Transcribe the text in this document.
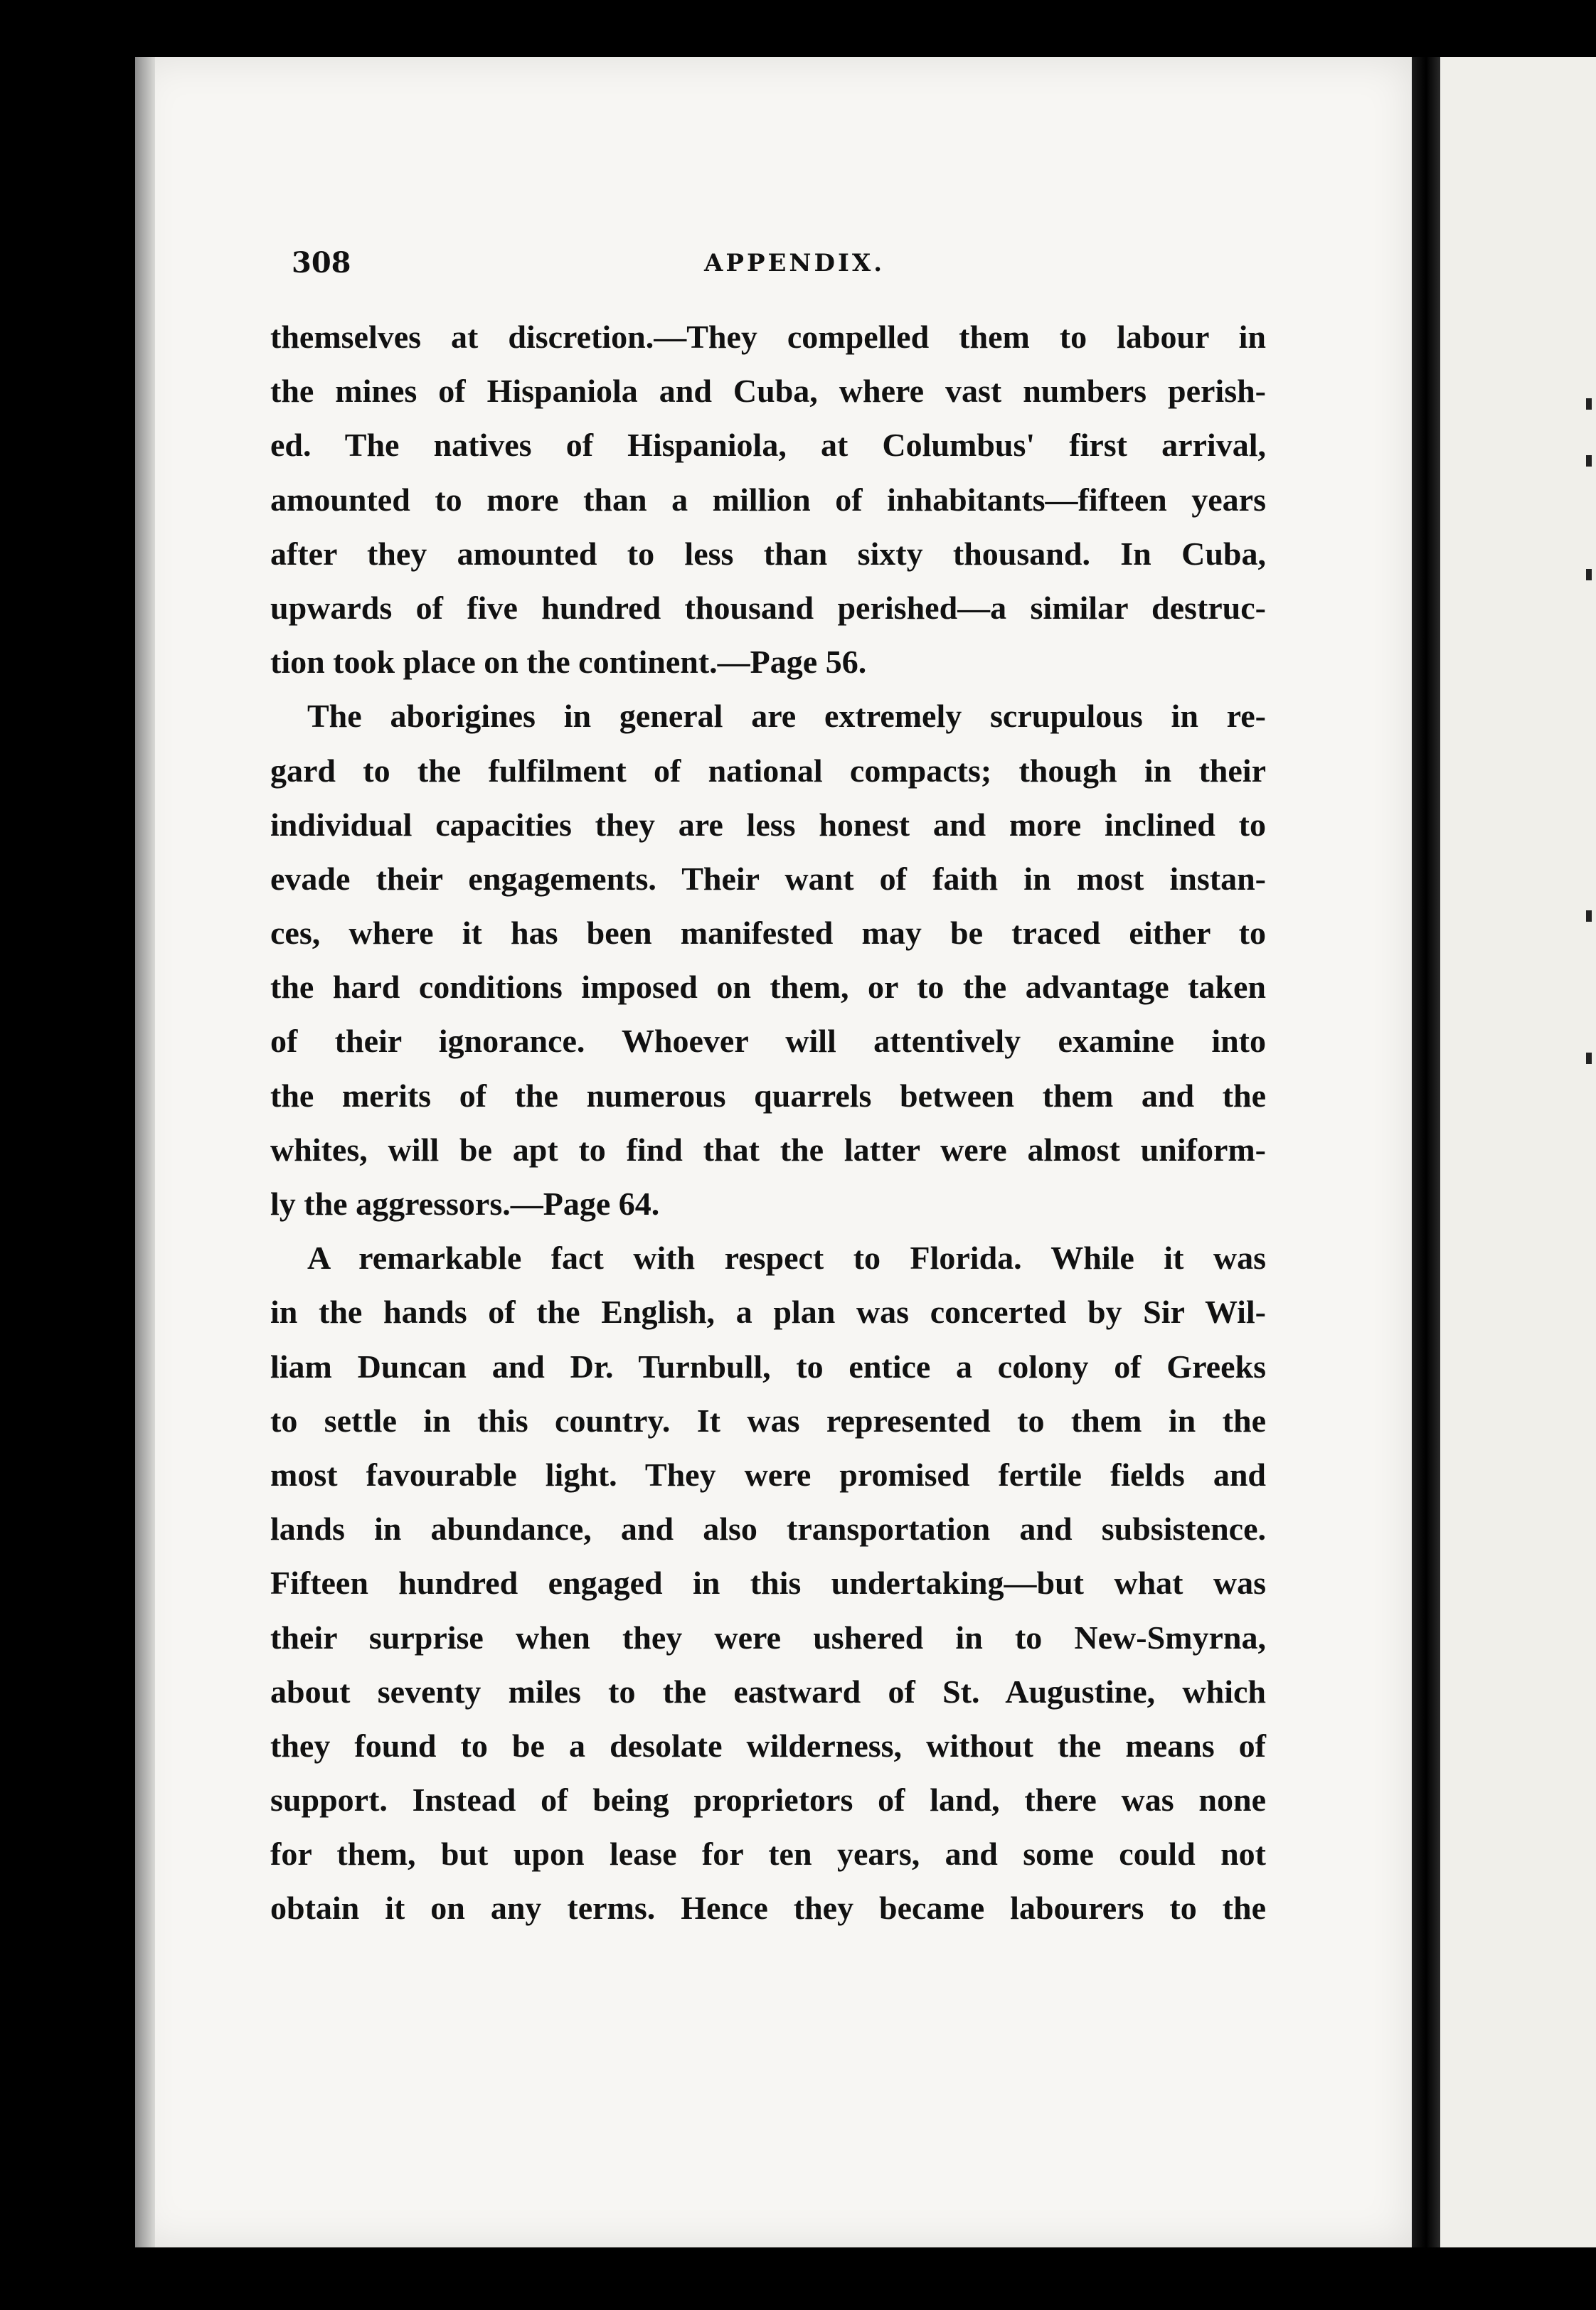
308	APPENDIX.
themselves at discretion.—They compelled them to labour in
the mines of Hispaniola and Cuba, where vast numbers perish-
ed. The natives of Hispaniola, at Columbus' first arrival,
amounted to more than a million of inhabitants—fifteen years
after they amounted to less than sixty thousand. In Cuba,
upwards of five hundred thousand perished—a similar destruc-
tion took place on the continent.—Page 56.
The aborigines in general are extremely scrupulous in re-
gard to the fulfilment of national compacts; though in their
individual capacities they are less honest and more inclined to
evade their engagements. Their want of faith in most instan-
ces, where it has been manifested may be traced either to
the hard conditions imposed on them, or to the advantage taken
of their ignorance. Whoever will attentively examine into
the merits of the numerous quarrels between them and the
whites, will be apt to find that the latter were almost uniform-
ly the aggressors.—Page 64.
A remarkable fact with respect to Florida. While it was
in the hands of the English, a plan was concerted by Sir Wil-
liam Duncan and Dr. Turnbull, to entice a colony of Greeks
to settle in this country. It was represented to them in the
most favourable light. They were promised fertile fields and
lands in abundance, and also transportation and subsistence.
Fifteen hundred engaged in this undertaking—but what was
their surprise when they were ushered in to New-Smyrna,
about seventy miles to the eastward of St. Augustine, which
they found to be a desolate wilderness, without the means of
support. Instead of being proprietors of land, there was none
for them, but upon lease for ten years, and some could not
obtain it on any terms. Hence they became labourers to the
